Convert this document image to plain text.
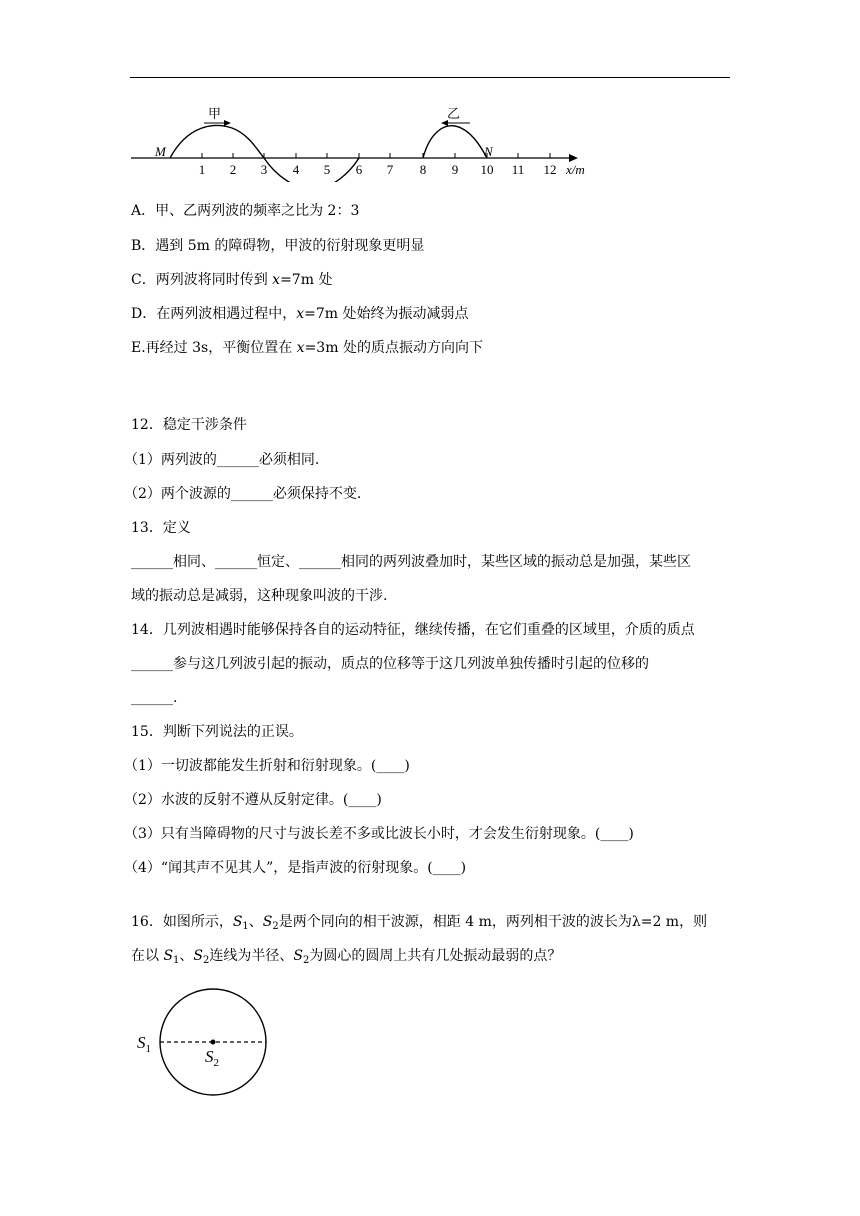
甲	乙
M	N
1 2 3 4 5 6 7 8 9 10 11 12 x/m
A．甲、乙两列波的频率之比为 2：3
B．遇到 5m 的障碍物，甲波的衍射现象更明显
C．两列波将同时传到 x=7m 处
D．在两列波相遇过程中，x=7m 处始终为振动减弱点
E.再经过 3s，平衡位置在 x=3m 处的质点振动方向向下
12．稳定干涉条件
（1）两列波的______必须相同.
（2）两个波源的______必须保持不变.
13．定义
______相同、______恒定、______相同的两列波叠加时，某些区域的振动总是加强，某些区
域的振动总是减弱，这种现象叫波的干涉.
14．几列波相遇时能够保持各自的运动特征，继续传播，在它们重叠的区域里，介质的质点
______参与这几列波引起的振动，质点的位移等于这几列波单独传播时引起的位移的
______.
15．判断下列说法的正误。
（1）一切波都能发生折射和衍射现象。(____)
（2）水波的反射不遵从反射定律。(____)
（3）只有当障碍物的尺寸与波长差不多或比波长小时，才会发生衍射现象。(____)
（4）“闻其声不见其人”，是指声波的衍射现象。(____)
16．如图所示，$S_1$、$S_2$是两个同向的相干波源，相距 4 m，两列相干波的波长为λ=2 m，则
在以 $S_1$、$S_2$连线为半径、$S_2$为圆心的圆周上共有几处振动最弱的点？
$S_1$	$S_2$
